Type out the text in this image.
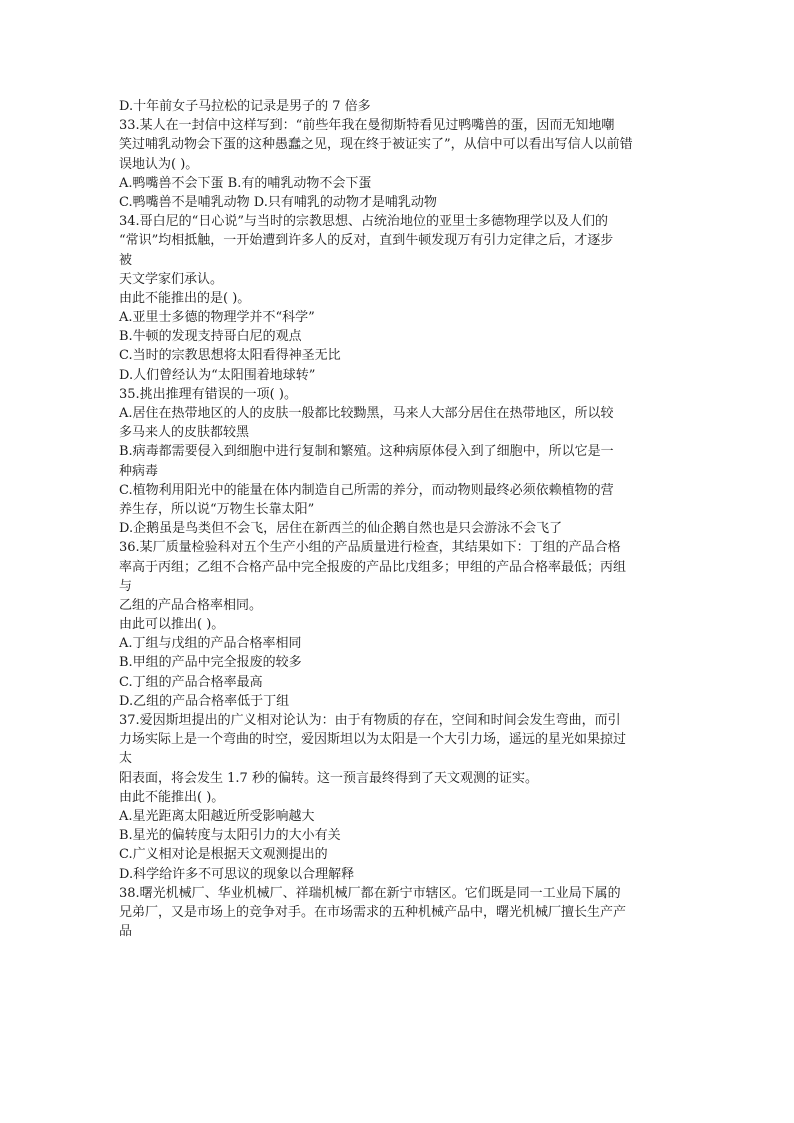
D.十年前女子马拉松的记录是男子的 7 倍多
33.某人在一封信中这样写到：“前些年我在曼彻斯特看见过鸭嘴兽的蛋，因而无知地嘲
笑过哺乳动物会下蛋的这种愚蠢之见，现在终于被证实了”，从信中可以看出写信人以前错
误地认为( )。
A.鸭嘴兽不会下蛋 B.有的哺乳动物不会下蛋
C.鸭嘴兽不是哺乳动物 D.只有哺乳的动物才是哺乳动物
34.哥白尼的“日心说”与当时的宗教思想、占统治地位的亚里士多德物理学以及人们的
“常识”均相抵触，一开始遭到许多人的反对，直到牛顿发现万有引力定律之后，才逐步
被
天文学家们承认。
由此不能推出的是( )。
A.亚里士多德的物理学并不“科学”
B.牛顿的发现支持哥白尼的观点
C.当时的宗教思想将太阳看得神圣无比
D.人们曾经认为“太阳围着地球转”
35.挑出推理有错误的一项( )。
A.居住在热带地区的人的皮肤一般都比较黝黑，马来人大部分居住在热带地区，所以较
多马来人的皮肤都较黑
B.病毒都需要侵入到细胞中进行复制和繁殖。这种病原体侵入到了细胞中，所以它是一
种病毒
C.植物利用阳光中的能量在体内制造自己所需的养分，而动物则最终必须依赖植物的营
养生存，所以说“万物生长靠太阳”
D.企鹅虽是鸟类但不会飞，居住在新西兰的仙企鹅自然也是只会游泳不会飞了
36.某厂质量检验科对五个生产小组的产品质量进行检查，其结果如下：丁组的产品合格
率高于丙组；乙组不合格产品中完全报废的产品比戊组多；甲组的产品合格率最低；丙组
与
乙组的产品合格率相同。
由此可以推出( )。
A.丁组与戊组的产品合格率相同
B.甲组的产品中完全报废的较多
C.丁组的产品合格率最高
D.乙组的产品合格率低于丁组
37.爱因斯坦提出的广义相对论认为：由于有物质的存在，空间和时间会发生弯曲，而引
力场实际上是一个弯曲的时空，爱因斯坦以为太阳是一个大引力场，遥远的星光如果掠过
太
阳表面，将会发生 1.7 秒的偏转。这一预言最终得到了天文观测的证实。
由此不能推出( )。
A.星光距离太阳越近所受影响越大
B.星光的偏转度与太阳引力的大小有关
C.广义相对论是根据天文观测提出的
D.科学给许多不可思议的现象以合理解释
38.曙光机械厂、华业机械厂、祥瑞机械厂都在新宁市辖区。它们既是同一工业局下属的
兄弟厂，又是市场上的竞争对手。在市场需求的五种机械产品中，曙光机械厂擅长生产产
品
